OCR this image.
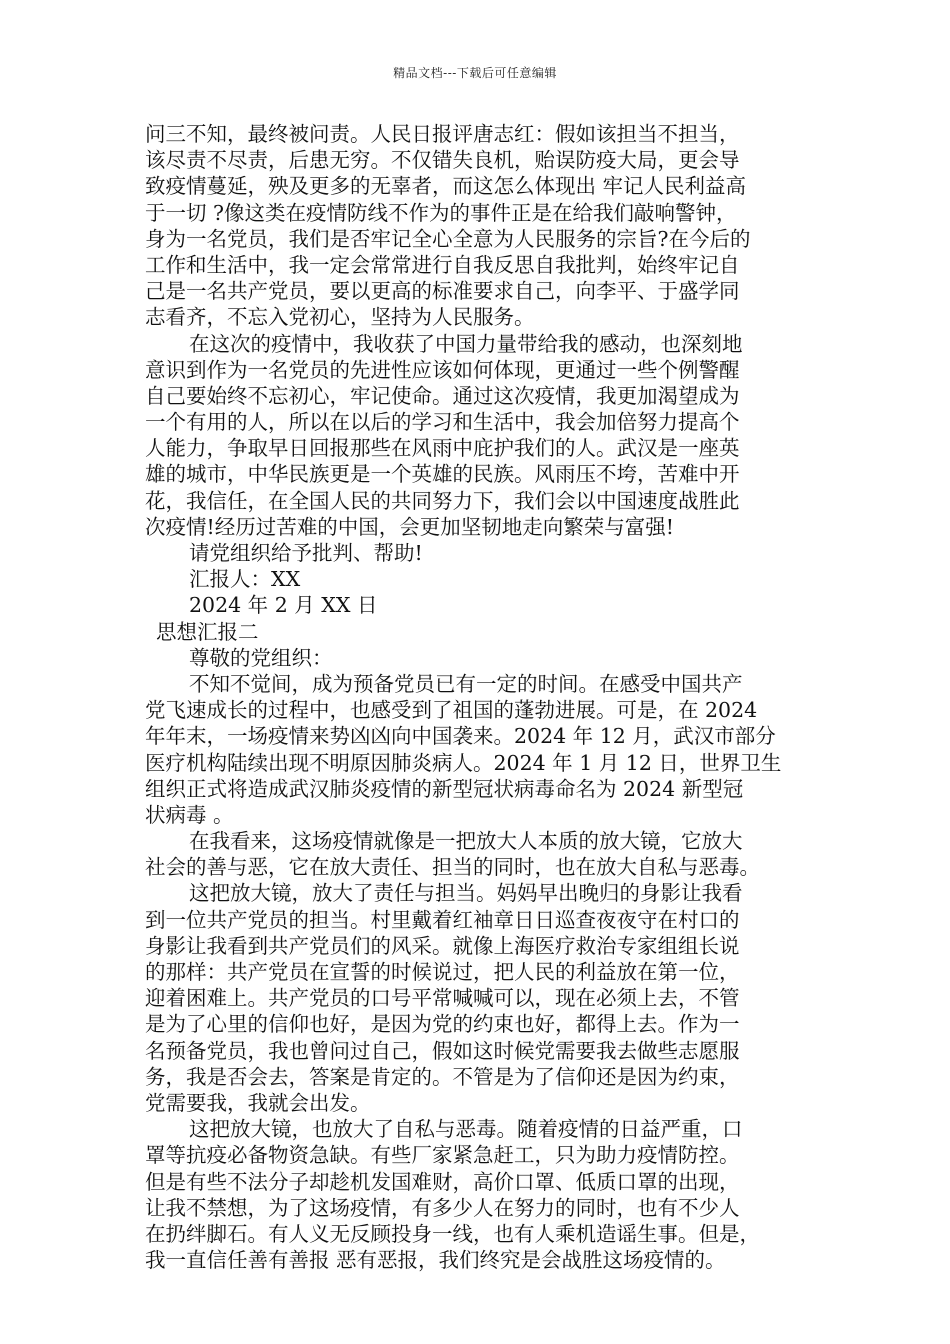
精品文档---下载后可任意编辑
问三不知，最终被问责。人民日报评唐志红：假如该担当不担当，
该尽责不尽责，后患无穷。不仅错失良机，贻误防疫大局，更会导
致疫情蔓延，殃及更多的无辜者，而这怎么体现出 牢记人民利益高
于一切 ?像这类在疫情防线不作为的事件正是在给我们敲响警钟，
身为一名党员，我们是否牢记全心全意为人民服务的宗旨?在今后的
工作和生活中，我一定会常常进行自我反思自我批判，始终牢记自
己是一名共产党员，要以更高的标准要求自己，向李平、于盛学同
志看齐，不忘入党初心，坚持为人民服务。
在这次的疫情中，我收获了中国力量带给我的感动，也深刻地
意识到作为一名党员的先进性应该如何体现，更通过一些个例警醒
自己要始终不忘初心，牢记使命。通过这次疫情，我更加渴望成为
一个有用的人，所以在以后的学习和生活中，我会加倍努力提高个
人能力，争取早日回报那些在风雨中庇护我们的人。武汉是一座英
雄的城市，中华民族更是一个英雄的民族。风雨压不垮，苦难中开
花，我信任，在全国人民的共同努力下，我们会以中国速度战胜此
次疫情!经历过苦难的中国，会更加坚韧地走向繁荣与富强!
请党组织给予批判、帮助!
汇报人：XX
2024 年 2 月 XX 日
思想汇报二
尊敬的党组织：
不知不觉间，成为预备党员已有一定的时间。在感受中国共产
党飞速成长的过程中，也感受到了祖国的蓬勃进展。可是，在 2024
年年末，一场疫情来势凶凶向中国袭来。2024 年 12 月，武汉市部分
医疗机构陆续出现不明原因肺炎病人。2024 年 1 月 12 日，世界卫生
组织正式将造成武汉肺炎疫情的新型冠状病毒命名为 2024 新型冠
状病毒 。
在我看来，这场疫情就像是一把放大人本质的放大镜，它放大
社会的善与恶，它在放大责任、担当的同时，也在放大自私与恶毒。
这把放大镜，放大了责任与担当。妈妈早出晚归的身影让我看
到一位共产党员的担当。村里戴着红袖章日日巡查夜夜守在村口的
身影让我看到共产党员们的风采。就像上海医疗救治专家组组长说
的那样：共产党员在宣誓的时候说过，把人民的利益放在第一位，
迎着困难上。共产党员的口号平常喊喊可以，现在必须上去，不管
是为了心里的信仰也好，是因为党的约束也好，都得上去。作为一
名预备党员，我也曾问过自己，假如这时候党需要我去做些志愿服
务，我是否会去，答案是肯定的。不管是为了信仰还是因为约束，
党需要我，我就会出发。
这把放大镜，也放大了自私与恶毒。随着疫情的日益严重，口
罩等抗疫必备物资急缺。有些厂家紧急赶工，只为助力疫情防控。
但是有些不法分子却趁机发国难财，高价口罩、低质口罩的出现，
让我不禁想，为了这场疫情，有多少人在努力的同时，也有不少人
在扔绊脚石。有人义无反顾投身一线，也有人乘机造谣生事。但是，
我一直信任善有善报 恶有恶报，我们终究是会战胜这场疫情的。
